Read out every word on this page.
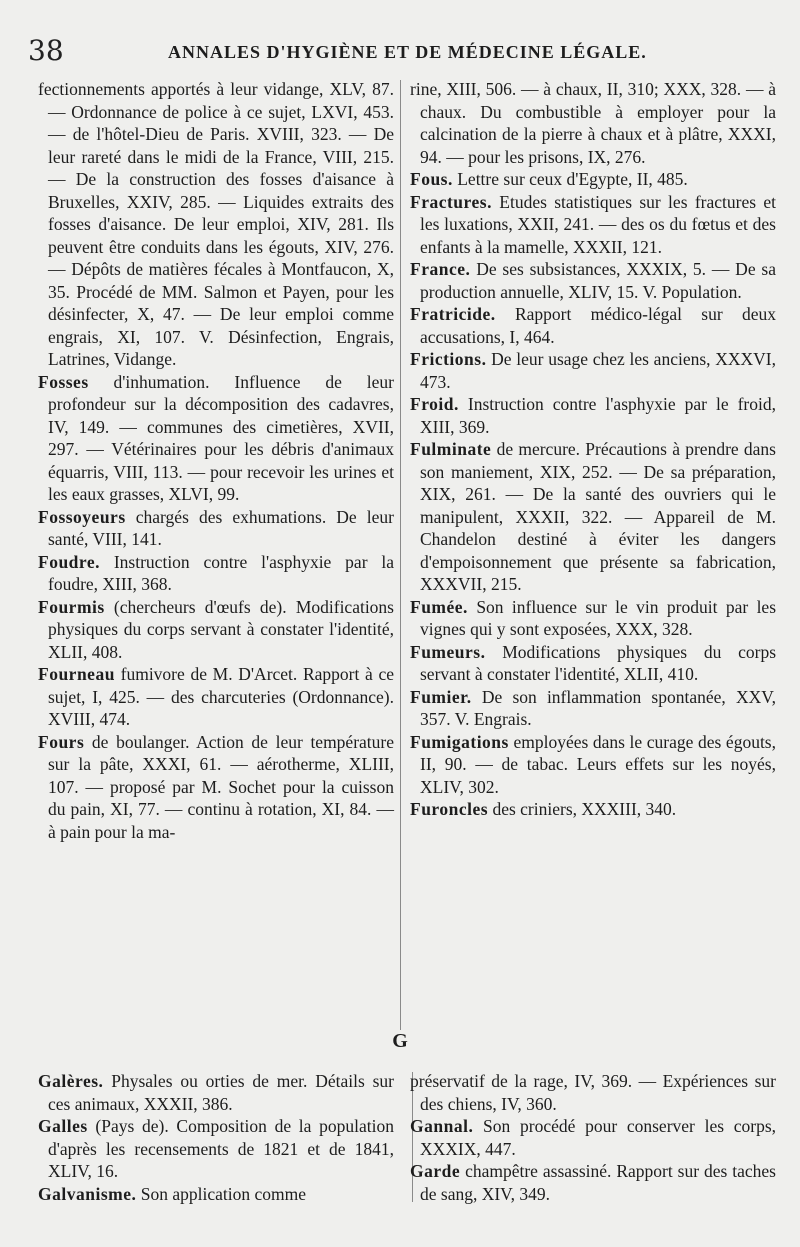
38	ANNALES D'HYGIÈNE ET DE MÉDECINE LÉGALE.

fectionnements apportés à leur vidange, XLV, 87. — Ordonnance de police à ce sujet, LXVI, 453. — de l'hôtel-Dieu de Paris. XVIII, 323. — De leur rareté dans le midi de la France, VIII, 215. — De la construction des fosses d'aisance à Bruxelles, XXIV, 285. — Liquides extraits des fosses d'aisance. De leur emploi, XIV, 281. Ils peuvent être conduits dans les égouts, XIV, 276. — Dépôts de matières fécales à Montfaucon, X, 35. Procédé de MM. Salmon et Payen, pour les désinfecter, X, 47. — De leur emploi comme engrais, XI, 107. V. Désinfection, Engrais, Latrines, Vidange.

Fosses d'inhumation. Influence de leur profondeur sur la décomposition des cadavres, IV, 149. — communes des cimetières, XVII, 297. — Vétérinaires pour les débris d'animaux équarris, VIII, 113. — pour recevoir les urines et les eaux grasses, XLVI, 99.

Fossoyeurs chargés des exhumations. De leur santé, VIII, 141.

Foudre. Instruction contre l'asphyxie par la foudre, XIII, 368.

Fourmis (chercheurs d'œufs de). Modifications physiques du corps servant à constater l'identité, XLII, 408.

Fourneau fumivore de M. D'Arcet. Rapport à ce sujet, I, 425. — des charcuteries (Ordonnance). XVIII, 474.

Fours de boulanger. Action de leur température sur la pâte, XXXI, 61. — aérotherme, XLIII, 107. — proposé par M. Sochet pour la cuisson du pain, XI, 77. — continu à rotation, XI, 84. — à pain pour la ma-

rine, XIII, 506. — à chaux, II, 310; XXX, 328. — à chaux. Du combustible à employer pour la calcination de la pierre à chaux et à plâtre, XXXI, 94. — pour les prisons, IX, 276.

Fous. Lettre sur ceux d'Egypte, II, 485.

Fractures. Etudes statistiques sur les fractures et les luxations, XXII, 241. — des os du fœtus et des enfants à la mamelle, XXXII, 121.

France. De ses subsistances, XXXIX, 5. — De sa production annuelle, XLIV, 15. V. Population.

Fratricide. Rapport médico-légal sur deux accusations, I, 464.

Frictions. De leur usage chez les anciens, XXXVI, 473.

Froid. Instruction contre l'asphyxie par le froid, XIII, 369.

Fulminate de mercure. Précautions à prendre dans son maniement, XIX, 252. — De sa préparation, XIX, 261. — De la santé des ouvriers qui le manipulent, XXXII, 322. — Appareil de M. Chandelon destiné à éviter les dangers d'empoisonnement que présente sa fabrication, XXXVII, 215.

Fumée. Son influence sur le vin produit par les vignes qui y sont exposées, XXX, 328.

Fumeurs. Modifications physiques du corps servant à constater l'identité, XLII, 410.

Fumier. De son inflammation spontanée, XXV, 357. V. Engrais.

Fumigations employées dans le curage des égouts, II, 90. — de tabac. Leurs effets sur les noyés, XLIV, 302.

Furoncles des criniers, XXXIII, 340.

G

Galères. Physales ou orties de mer. Détails sur ces animaux, XXXII, 386.

Galles (Pays de). Composition de la population d'après les recensements de 1821 et de 1841, XLIV, 16.

Galvanisme. Son application comme

préservatif de la rage, IV, 369. — Expériences sur des chiens, IV, 360.

Gannal. Son procédé pour conserver les corps, XXXIX, 447.

Garde champêtre assassiné. Rapport sur des taches de sang, XIV, 349.
